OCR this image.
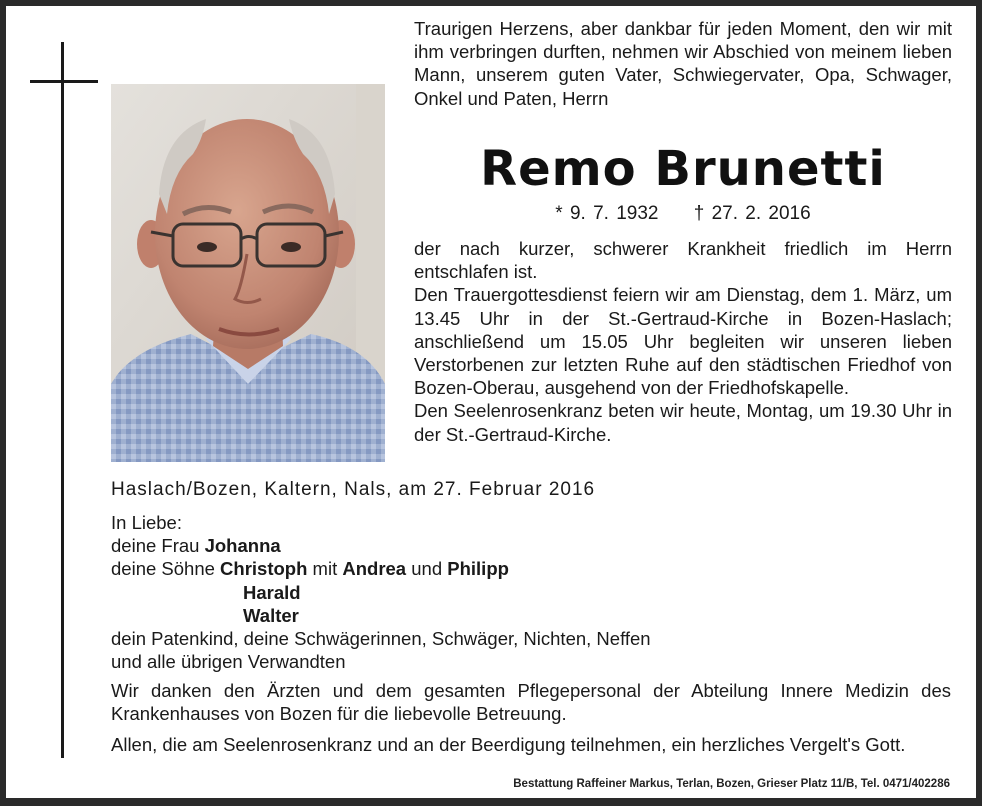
Traurigen Herzens, aber dankbar für jeden Moment, den wir mit ihm verbringen durften, nehmen wir Abschied von meinem lieben Mann, unserem guten Vater, Schwiegervater, Opa, Schwager, Onkel und Paten, Herrn
Remo Brunetti
* 9. 7. 1932 † 27. 2. 2016
der nach kurzer, schwerer Krankheit friedlich im Herrn entschlafen ist.
Den Trauergottesdienst feiern wir am Dienstag, dem 1. März, um 13.45 Uhr in der St.-Gertraud-Kirche in Bozen-Haslach; anschließend um 15.05 Uhr begleiten wir unseren lieben Verstorbenen zur letzten Ruhe auf den städtischen Friedhof von Bozen-Oberau, ausgehend von der Friedhofskapelle.
Den Seelenrosenkranz beten wir heute, Montag, um 19.30 Uhr in der St.-Gertraud-Kirche.
Haslach/Bozen, Kaltern, Nals, am 27. Februar 2016
In Liebe:
deine Frau Johanna
deine Söhne Christoph mit Andrea und Philipp
Harald
Walter
dein Patenkind, deine Schwägerinnen, Schwäger, Nichten, Neffen
und alle übrigen Verwandten
Wir danken den Ärzten und dem gesamten Pflegepersonal der Abteilung Innere Medizin des Krankenhauses von Bozen für die liebevolle Betreuung.
Allen, die am Seelenrosenkranz und an der Beerdigung teilnehmen, ein herzliches Vergelt's Gott.
Bestattung Raffeiner Markus, Terlan, Bozen, Grieser Platz 11/B, Tel. 0471/402286
